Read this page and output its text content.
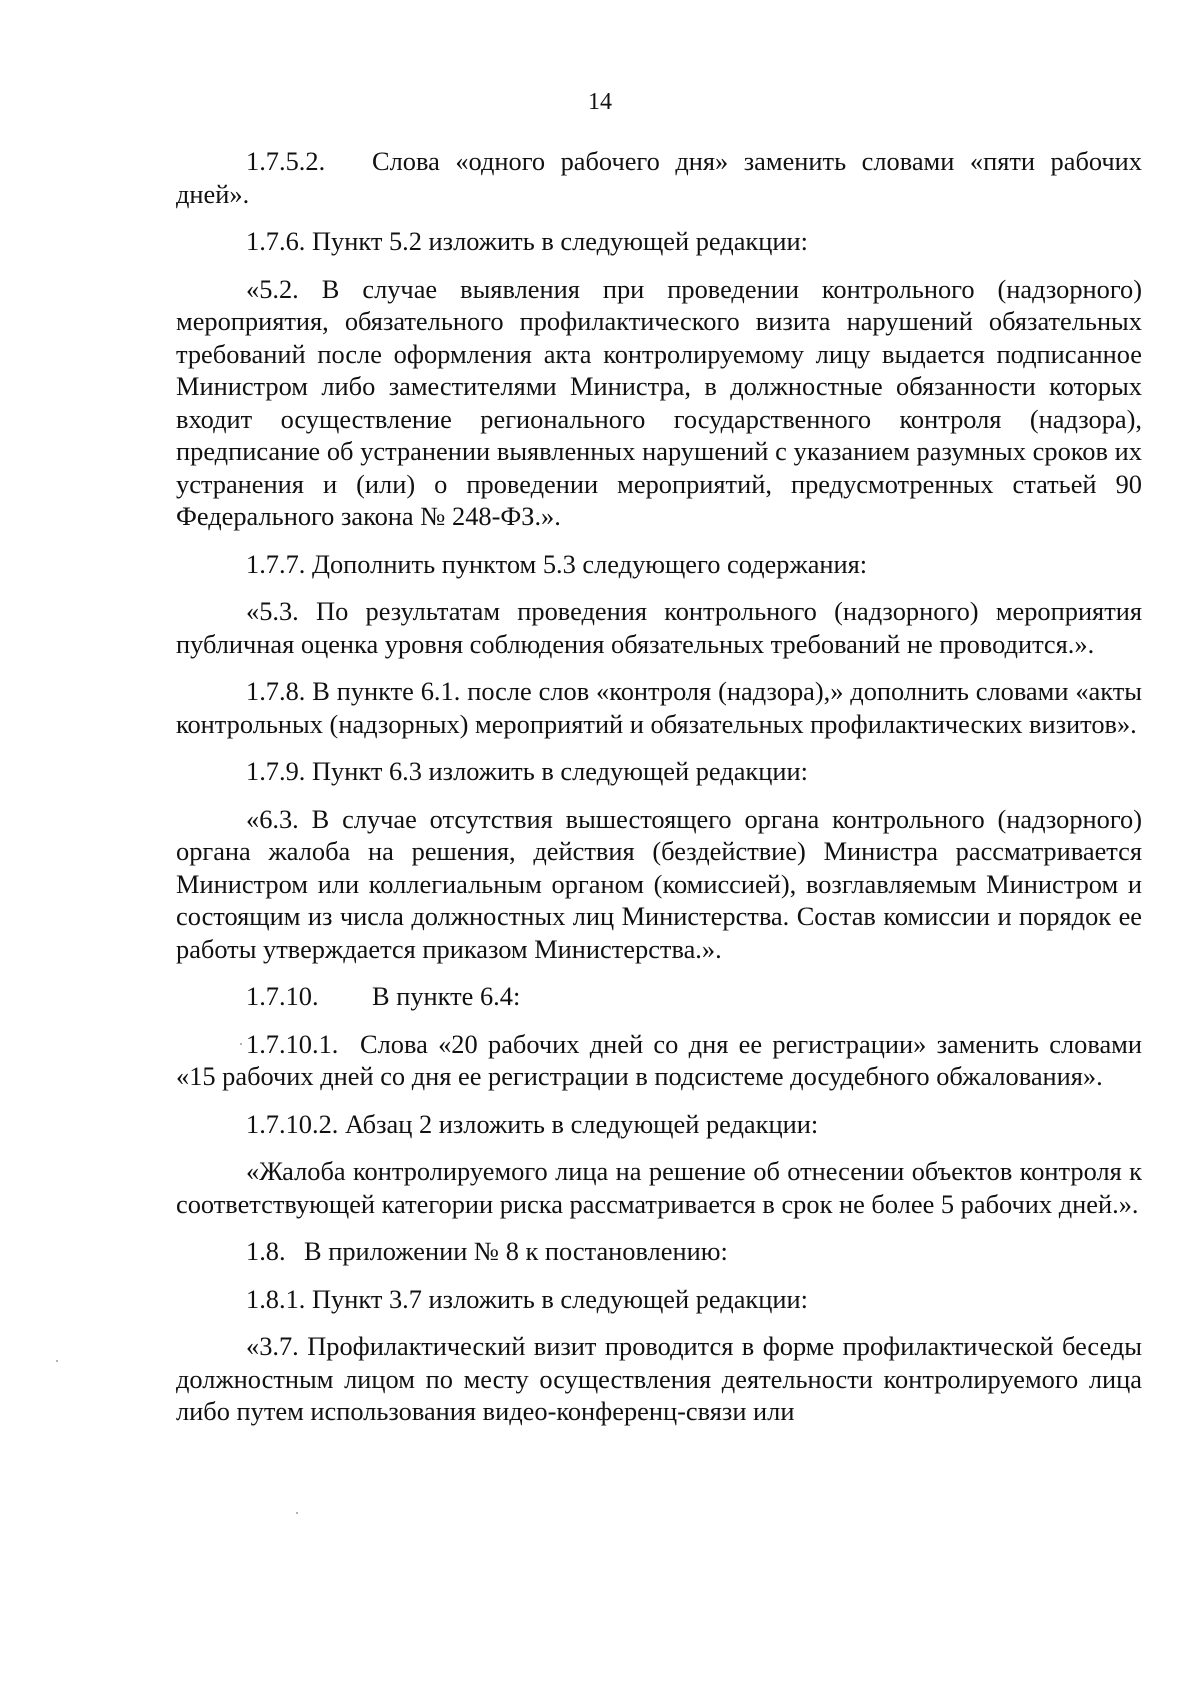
14

1.7.5.2. Слова «одного рабочего дня» заменить словами «пяти рабочих дней».

1.7.6. Пункт 5.2 изложить в следующей редакции:

«5.2. В случае выявления при проведении контрольного (надзорного) мероприятия, обязательного профилактического визита нарушений обязательных требований после оформления акта контролируемому лицу выдается подписанное Министром либо заместителями Министра, в должностные обязанности которых входит осуществление регионального государственного контроля (надзора), предписание об устранении выявленных нарушений с указанием разумных сроков их устранения и (или) о проведении мероприятий, предусмотренных статьей 90 Федерального закона № 248-ФЗ.».

1.7.7. Дополнить пунктом 5.3 следующего содержания:

«5.3. По результатам проведения контрольного (надзорного) мероприятия публичная оценка уровня соблюдения обязательных требований не проводится.».

1.7.8. В пункте 6.1. после слов «контроля (надзора),» дополнить словами «акты контрольных (надзорных) мероприятий и обязательных профилактических визитов».

1.7.9. Пункт 6.3 изложить в следующей редакции:

«6.3. В случае отсутствия вышестоящего органа контрольного (надзорного) органа жалоба на решения, действия (бездействие) Министра рассматривается Министром или коллегиальным органом (комиссией), возглавляемым Министром и состоящим из числа должностных лиц Министерства. Состав комиссии и порядок ее работы утверждается приказом Министерства.».

1.7.10. В пункте 6.4:

1.7.10.1. Слова «20 рабочих дней со дня ее регистрации» заменить словами «15 рабочих дней со дня ее регистрации в подсистеме досудебного обжалования».

1.7.10.2. Абзац 2 изложить в следующей редакции:

«Жалоба контролируемого лица на решение об отнесении объектов контроля к соответствующей категории риска рассматривается в срок не более 5 рабочих дней.».

1.8. В приложении № 8 к постановлению:

1.8.1. Пункт 3.7 изложить в следующей редакции:

«3.7. Профилактический визит проводится в форме профилактической беседы должностным лицом по месту осуществления деятельности контролируемого лица либо путем использования видео-конференц-связи или
